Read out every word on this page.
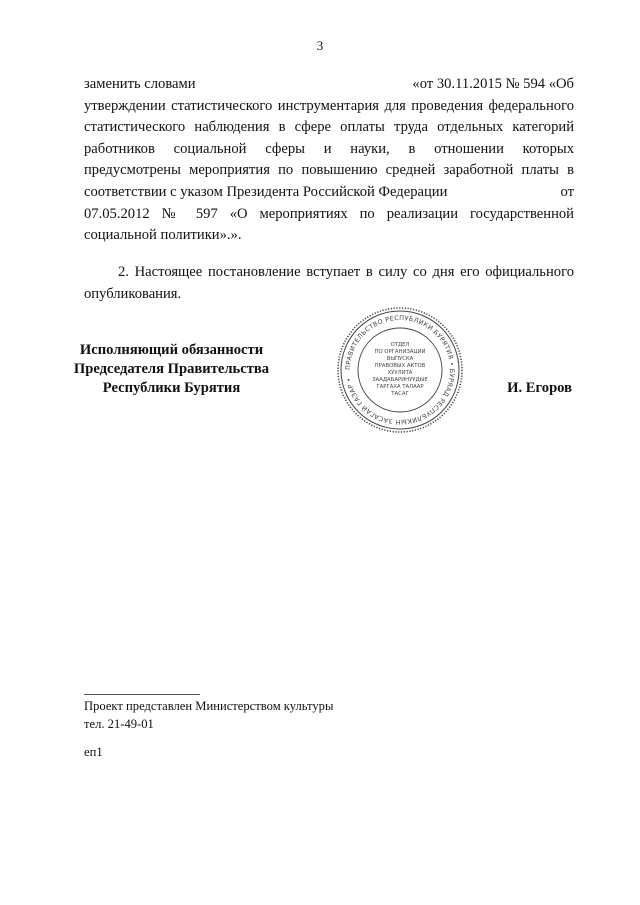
3
заменить словами	«от 30.11.2015 № 594 «Об
утверждении статистического инструментария для проведения федерального
статистического наблюдения в сфере оплаты труда отдельных категорий
работников социальной сферы и науки, в отношении которых
предусмотрены мероприятия по повышению средней заработной платы в
соответствии с указом Президента Российской Федерации	от
07.05.2012 № 597 «О мероприятиях по реализации государственной
социальной политики».».
2. Настоящее постановление вступает в силу со дня его официального
опубликования.
Исполняющий обязанности
Председателя Правительства
Республики Бурятия
ПРАВИТЕЛЬСТВО РЕСПУБЛИКИ БУРЯТИЯ • БУРЯАД РЕСПУБЛИКЫН ЗАСАГАЙ ГАЗАР •
ОТДЕЛ
ПО ОРГАНИЗАЦИИ
ВЫПУСКА
ПРАВОВЫХ АКТОВ
ХУУЛИТА
ЗААДАБАРИНУУДЫЕ
ГАРГАХА ТАЛААР
ТАСАГ	И. Егоров
Проект представлен Министерством культуры
тел. 21-49-01
еп1
